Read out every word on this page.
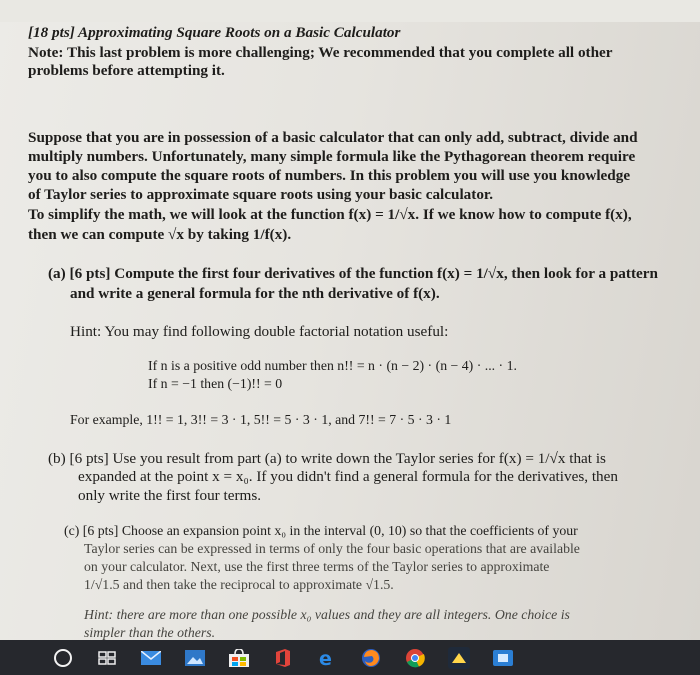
[18 pts] Approximating Square Roots on a Basic Calculator
Note: This last problem is more challenging; We recommended that you complete all other
problems before attempting it.
Suppose that you are in possession of a basic calculator that can only add, subtract, divide and
multiply numbers. Unfortunately, many simple formula like the Pythagorean theorem require
you to also compute the square roots of numbers. In this problem you will use you knowledge
of Taylor series to approximate square roots using your basic calculator.
To simplify the math, we will look at the function f(x) = 1/√x. If we know how to compute f(x),
then we can compute √x by taking 1/f(x).
(a) [6 pts] Compute the first four derivatives of the function f(x) = 1/√x, then look for a pattern
and write a general formula for the nth derivative of f(x).
Hint: You may find following double factorial notation useful:
If n is a positive odd number then n!! = n · (n − 2) · (n − 4) · ... · 1.
If n = −1 then (−1)!! = 0
For example, 1!! = 1, 3!! = 3 · 1, 5!! = 5 · 3 · 1, and 7!! = 7 · 5 · 3 · 1
(b) [6 pts] Use you result from part (a) to write down the Taylor series for f(x) = 1/√x that is
expanded at the point x = x₀. If you didn't find a general formula for the derivatives, then
only write the first four terms.
(c) [6 pts] Choose an expansion point x₀ in the interval (0, 10) so that the coefficients of your
Taylor series can be expressed in terms of only the four basic operations that are available
on your calculator. Next, use the first three terms of the Taylor series to approximate
1/√1.5 and then take the reciprocal to approximate √1.5.
Hint: there are more than one possible x₀ values and they are all integers. One choice is
simpler than the others.
e
